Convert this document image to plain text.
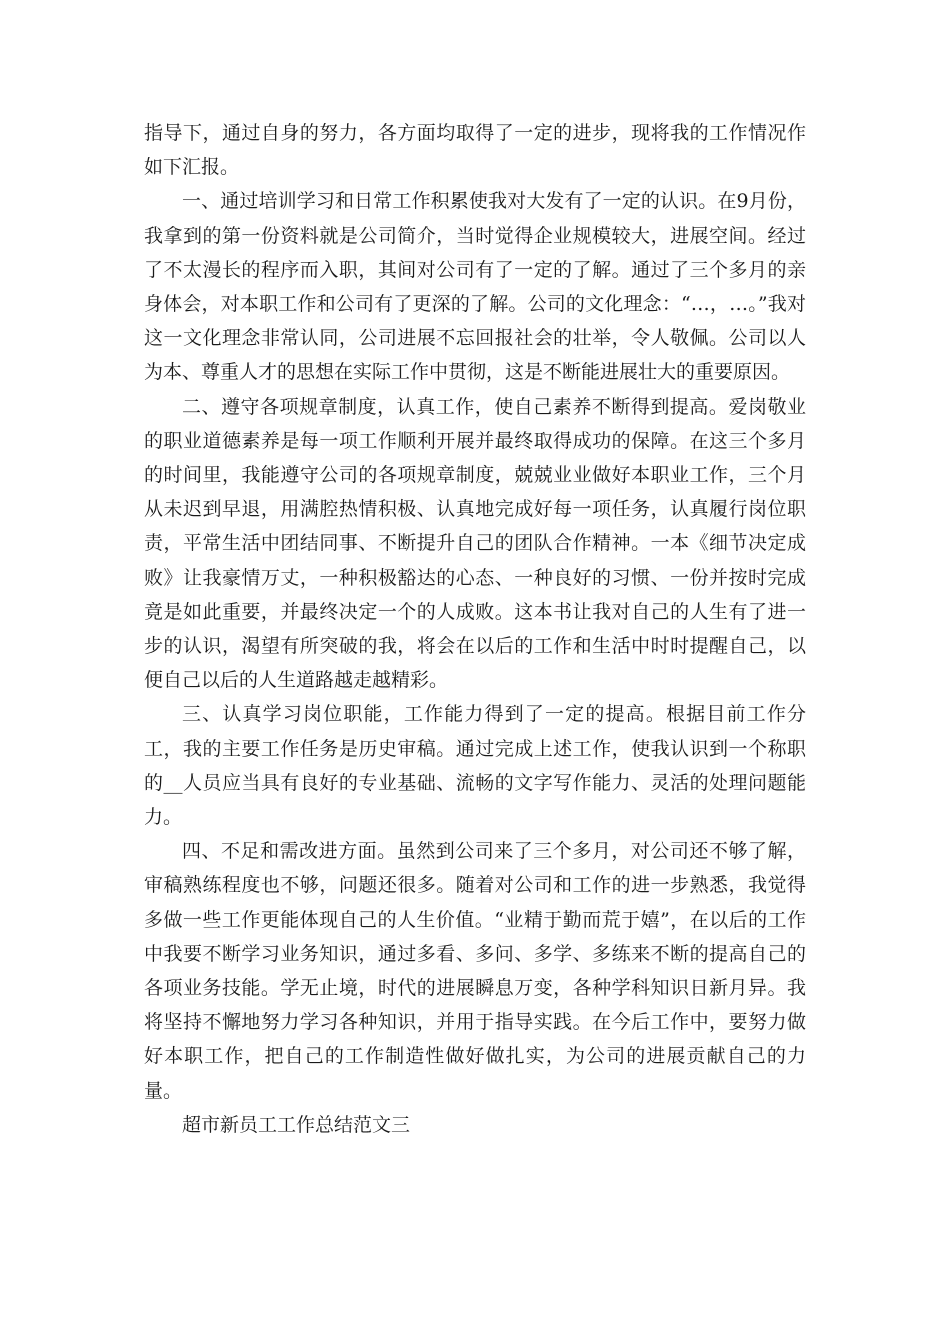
指导下，通过自身的努力，各方面均取得了一定的进步，现将我的工作情况作如下汇报。

一、通过培训学习和日常工作积累使我对大发有了一定的认识。在9月份，我拿到的第一份资料就是公司简介，当时觉得企业规模较大，进展空间。经过了不太漫长的程序而入职，其间对公司有了一定的了解。通过了三个多月的亲身体会，对本职工作和公司有了更深的了解。公司的文化理念：“…，…。”我对这一文化理念非常认同，公司进展不忘回报社会的壮举，令人敬佩。公司以人为本、尊重人才的思想在实际工作中贯彻，这是不断能进展壮大的重要原因。

二、遵守各项规章制度，认真工作，使自己素养不断得到提高。爱岗敬业的职业道德素养是每一项工作顺利开展并最终取得成功的保障。在这三个多月的时间里，我能遵守公司的各项规章制度，兢兢业业做好本职业工作，三个月从未迟到早退，用满腔热情积极、认真地完成好每一项任务，认真履行岗位职责，平常生活中团结同事、不断提升自己的团队合作精神。一本《细节决定成败》让我豪情万丈，一种积极豁达的心态、一种良好的习惯、一份并按时完成竟是如此重要，并最终决定一个的人成败。这本书让我对自己的人生有了进一步的认识，渴望有所突破的我，将会在以后的工作和生活中时时提醒自己，以便自己以后的人生道路越走越精彩。

三、认真学习岗位职能，工作能力得到了一定的提高。根据目前工作分工，我的主要工作任务是历史审稿。通过完成上述工作，使我认识到一个称职的__人员应当具有良好的专业基础、流畅的文字写作能力、灵活的处理问题能力。

四、不足和需改进方面。虽然到公司来了三个多月，对公司还不够了解，审稿熟练程度也不够，问题还很多。随着对公司和工作的进一步熟悉，我觉得多做一些工作更能体现自己的人生价值。“业精于勤而荒于嬉”，在以后的工作中我要不断学习业务知识，通过多看、多问、多学、多练来不断的提高自己的各项业务技能。学无止境，时代的进展瞬息万变，各种学科知识日新月异。我将坚持不懈地努力学习各种知识，并用于指导实践。在今后工作中，要努力做好本职工作，把自己的工作制造性做好做扎实，为公司的进展贡献自己的力量。

超市新员工工作总结范文三
